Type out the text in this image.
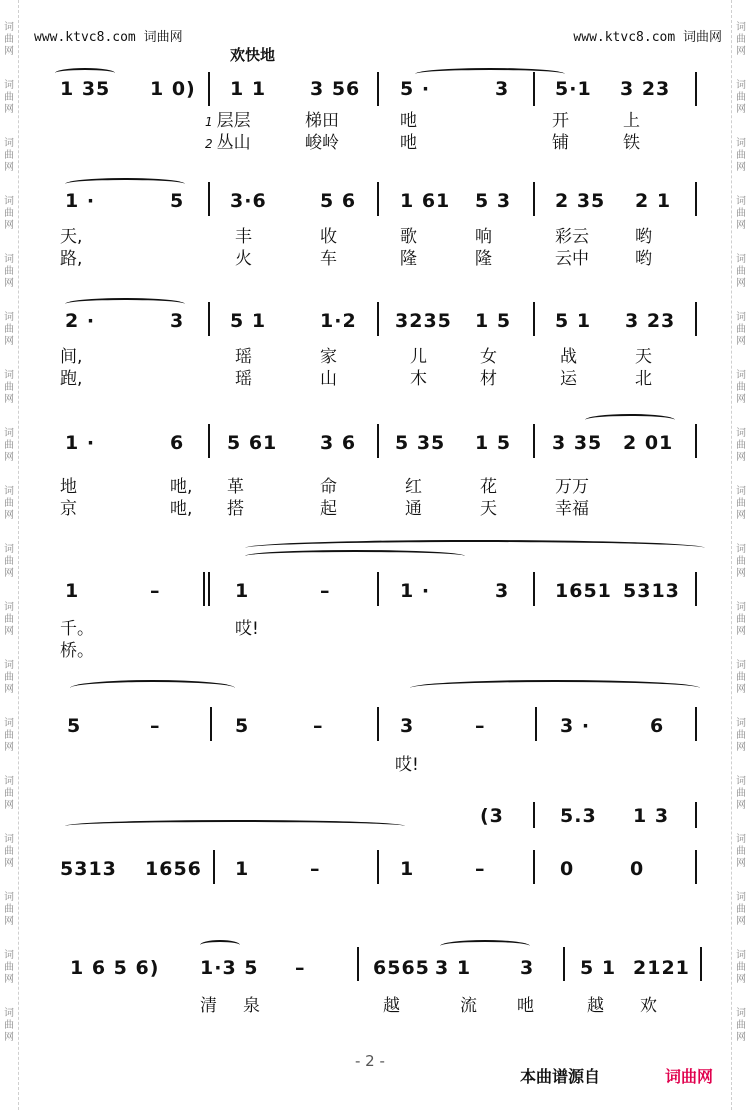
词
曲
网
词
曲
网
词
曲
网
词
曲
网
词
曲
网
词
曲
网
词
曲
网
词
曲
网
词
曲
网
词
曲
网
词
曲
网
词
曲
网
词
曲
网
词
曲
网
词
曲
网
词
曲
网
词
曲
网
词
曲
网
词
曲
网
词
曲
网
词
曲
网
词
曲
网
词
曲
网
词
曲
网
词
曲
网
词
曲
网
词
曲
网
词
曲
网
词
曲
网
词
曲
网
词
曲
网
词
曲
网
词
曲
网
词
曲
网
词
曲
网
词
曲
网
www.ktvc8.com 词曲网	www.ktvc8.com 词曲网
欢快地
1 35 1 0) 1 1 3 56 5 ·	3 5·1 3 23
1 层层	梯田	吔	开	上
2 丛山	峻岭	吔	铺	铁
1 ·	5 3·6	5 6 1 61 5 3 2 35 2 1
天,	丰	收	歌	响	彩云	哟
路,	火	车	隆	隆	云中	哟
2 ·	3 5 1	1·2 3235 1 5 5 1 3 23
间,	瑶	家	儿	女	战	天
跑,	瑶	山	木	材	运	北
1 ·	6 5 61 3 6 5 35 1 5 3 35 2 01
地	吔, 革	命	红	花	万万
京	吔, 搭	起	通	天	幸福
1	–	1	–	1 ·	3 1651 5313
千。	哎!
桥。
5	–	5	–	3	–	3 ·	6
哎!
(3	5.3 1 3
5313 1656 1	–	1	–	0	0
1 6 5 6) 1·3 5 –	6565 3 1	3 5 1 2121
清 泉	越	流 吔	越 欢
- 2 -
本曲谱源自	词曲网
